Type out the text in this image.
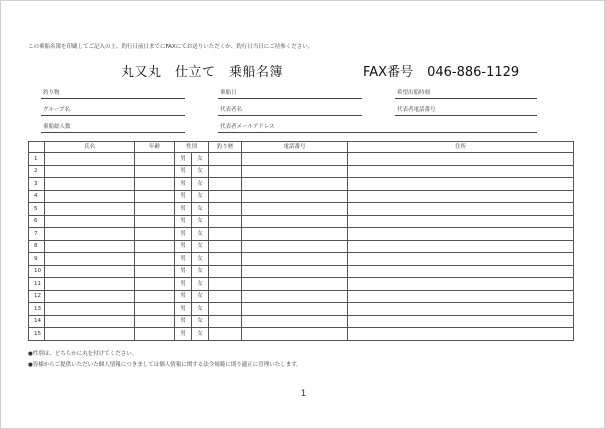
この乗船名簿を印刷してご記入の上、釣行日前日までにFAXにてお送りいただくか、釣行日当日にご持参ください。
丸又丸　仕立て　乗船名簿	FAX番号 046-886-1129
釣り物	乗船日	希望出船時刻
グループ名	代表者名	代表者電話番号
乗船総人数	代表者メールアドレス
	氏名	年齢	性別		釣り歴	電話番号	住所
1			男	女			
2			男	女			
3			男	女			
4			男	女			
5			男	女			
6			男	女			
7			男	女			
8			男	女			
9			男	女			
10			男	女			
11			男	女			
12			男	女			
13			男	女			
14			男	女			
15			男	女			
●性別は、どちらかに丸を付けてください。
●皆様からご提供いただいた個人情報につきましては個人情報に関する法令規範に則り適正に管理いたします。
1
